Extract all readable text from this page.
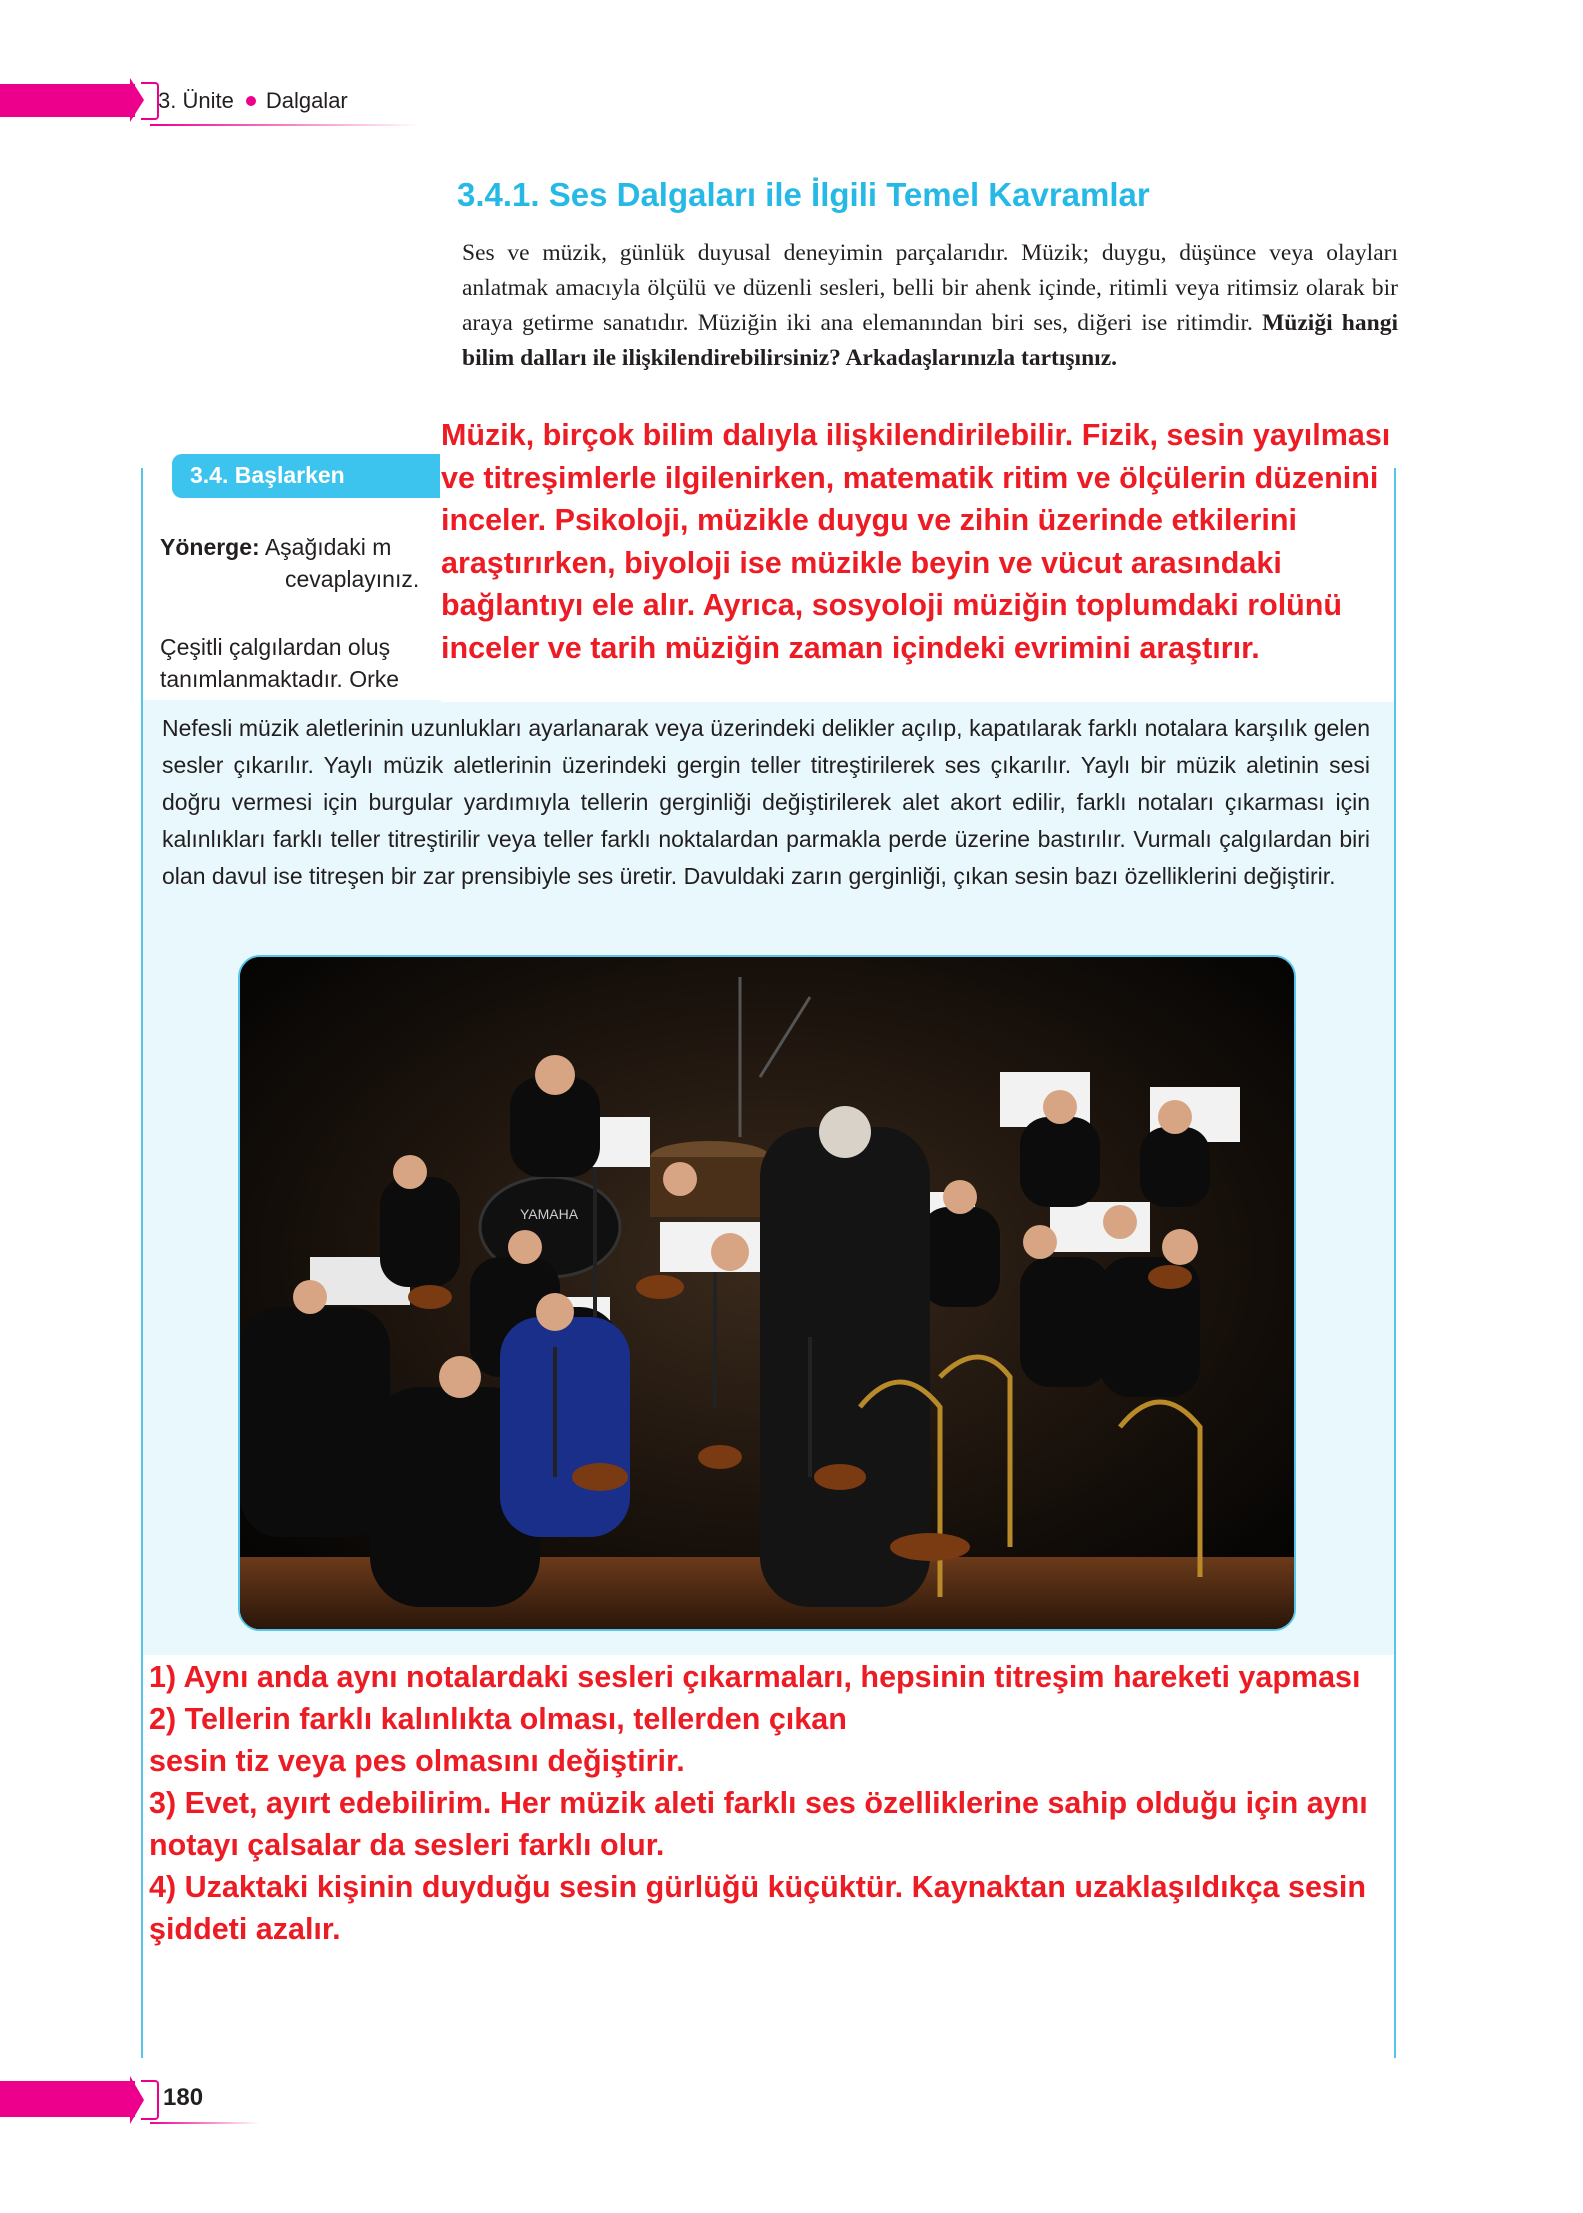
3. Ünite Dalgalar
3.4.1. Ses Dalgaları ile İlgili Temel Kavramlar
Ses ve müzik, günlük duyusal deneyimin parçalarıdır. Müzik; duygu, düşünce veya olayları anlatmak amacıyla ölçülü ve düzenli sesleri, belli bir ahenk içinde, ritimli veya ritimsiz olarak bir araya getirme sanatıdır. Müziğin iki ana elemanından biri ses, diğeri ise ritimdir. Müziği hangi bilim dalları ile ilişkilendirebilirsiniz? Arkadaşlarınızla tartışınız.
3.4. Başlarken
Yönerge: Aşağıdaki m
cevaplayınız.
Çeşitli çalgılardan oluş
tanımlanmaktadır. Orke
Müzik, birçok bilim dalıyla ilişkilendirilebilir. Fizik, sesin yayılması ve titreşimlerle ilgilenirken, matematik ritim ve ölçülerin düzenini inceler. Psikoloji, müzikle duygu ve zihin üzerinde etkilerini araştırırken, biyoloji ise müzikle beyin ve vücut arasındaki bağlantıyı ele alır. Ayrıca, sosyoloji müziğin toplumdaki rolünü inceler ve tarih müziğin zaman içindeki evrimini araştırır.
Nefesli müzik aletlerinin uzunlukları ayarlanarak veya üzerindeki delikler açılıp, kapatılarak farklı notalara karşılık gelen sesler çıkarılır. Yaylı müzik aletlerinin üzerindeki gergin teller titreştirilerek ses çıkarılır. Yaylı bir müzik aletinin sesi doğru vermesi için burgular yardımıyla tellerin gerginliği değiştirilerek alet akort edilir, farklı notaları çıkarması için kalınlıkları farklı teller titreştirilir veya teller farklı noktalardan parmakla perde üzerine bastırılır. Vurmalı çalgılardan biri olan davul ise titreşen bir zar prensibiyle ses üretir. Davuldaki zarın gerginliği, çıkan sesin bazı özelliklerini değiştirir.
YAMAHA
1) Aynı anda aynı notalardaki sesleri çıkarmaları, hepsinin titreşim hareketi yapması
2) Tellerin farklı kalınlıkta olması, tellerden çıkan sesin tiz veya pes olmasını değiştirir.
3) Evet, ayırt edebilirim. Her müzik aleti farklı ses özelliklerine sahip olduğu için aynı notayı çalsalar da sesleri farklı olur.
4) Uzaktaki kişinin duyduğu sesin gürlüğü küçüktür. Kaynaktan uzaklaşıldıkça sesin şiddeti azalır.
180
